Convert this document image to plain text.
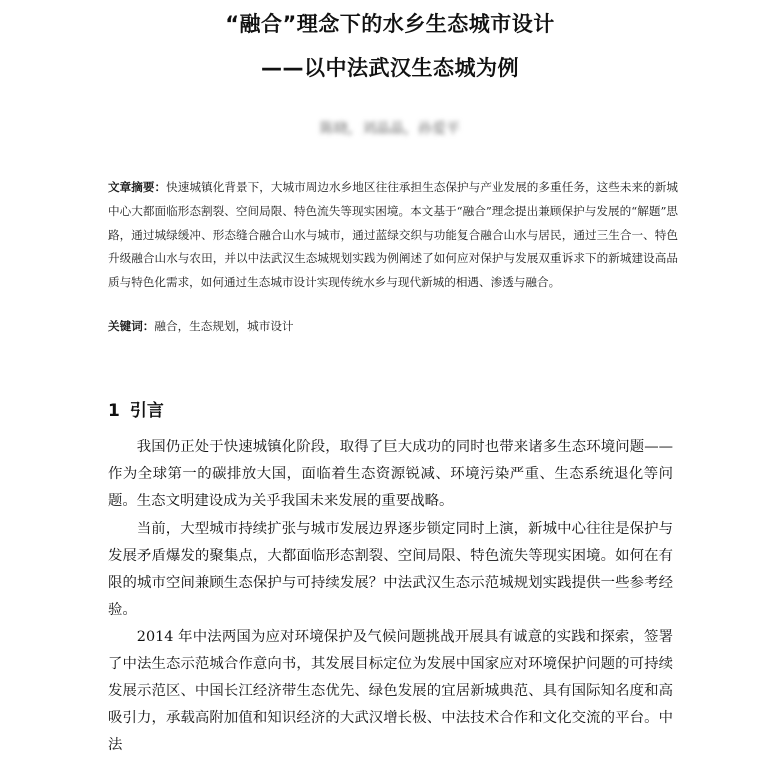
“融合”理念下的水乡生态城市设计
——以中法武汉生态城为例
陈晓，刘晶晶，孙爱平

文章摘要：快速城镇化背景下，大城市周边水乡地区往往承担生态保护与产业发展的多重任务，这些未来的新城中心大都面临形态割裂、空间局限、特色流失等现实困境。本文基于“融合”理念提出兼顾保护与发展的“解题”思路，通过城绿缓冲、形态缝合融合山水与城市，通过蓝绿交织与功能复合融合山水与居民，通过三生合一、特色升级融合山水与农田，并以中法武汉生态城规划实践为例阐述了如何应对保护与发展双重诉求下的新城建设高品质与特色化需求，如何通过生态城市设计实现传统水乡与现代新城的相遇、渗透与融合。

关键词：融合，生态规划，城市设计

1 引言

我国仍正处于快速城镇化阶段，取得了巨大成功的同时也带来诸多生态环境问题——作为全球第一的碳排放大国，面临着生态资源锐减、环境污染严重、生态系统退化等问题。生态文明建设成为关乎我国未来发展的重要战略。

当前，大型城市持续扩张与城市发展边界逐步锁定同时上演，新城中心往往是保护与发展矛盾爆发的聚集点，大都面临形态割裂、空间局限、特色流失等现实困境。如何在有限的城市空间兼顾生态保护与可持续发展？中法武汉生态示范城规划实践提供一些参考经验。

2014 年中法两国为应对环境保护及气候问题挑战开展具有诚意的实践和探索，签署了中法生态示范城合作意向书，其发展目标定位为发展中国家应对环境保护问题的可持续发展示范区、中国长江经济带生态优先、绿色发展的宜居新城典范、具有国际知名度和高吸引力，承载高附加值和知识经济的大武汉增长极、中法技术合作和文化交流的平台。中法
